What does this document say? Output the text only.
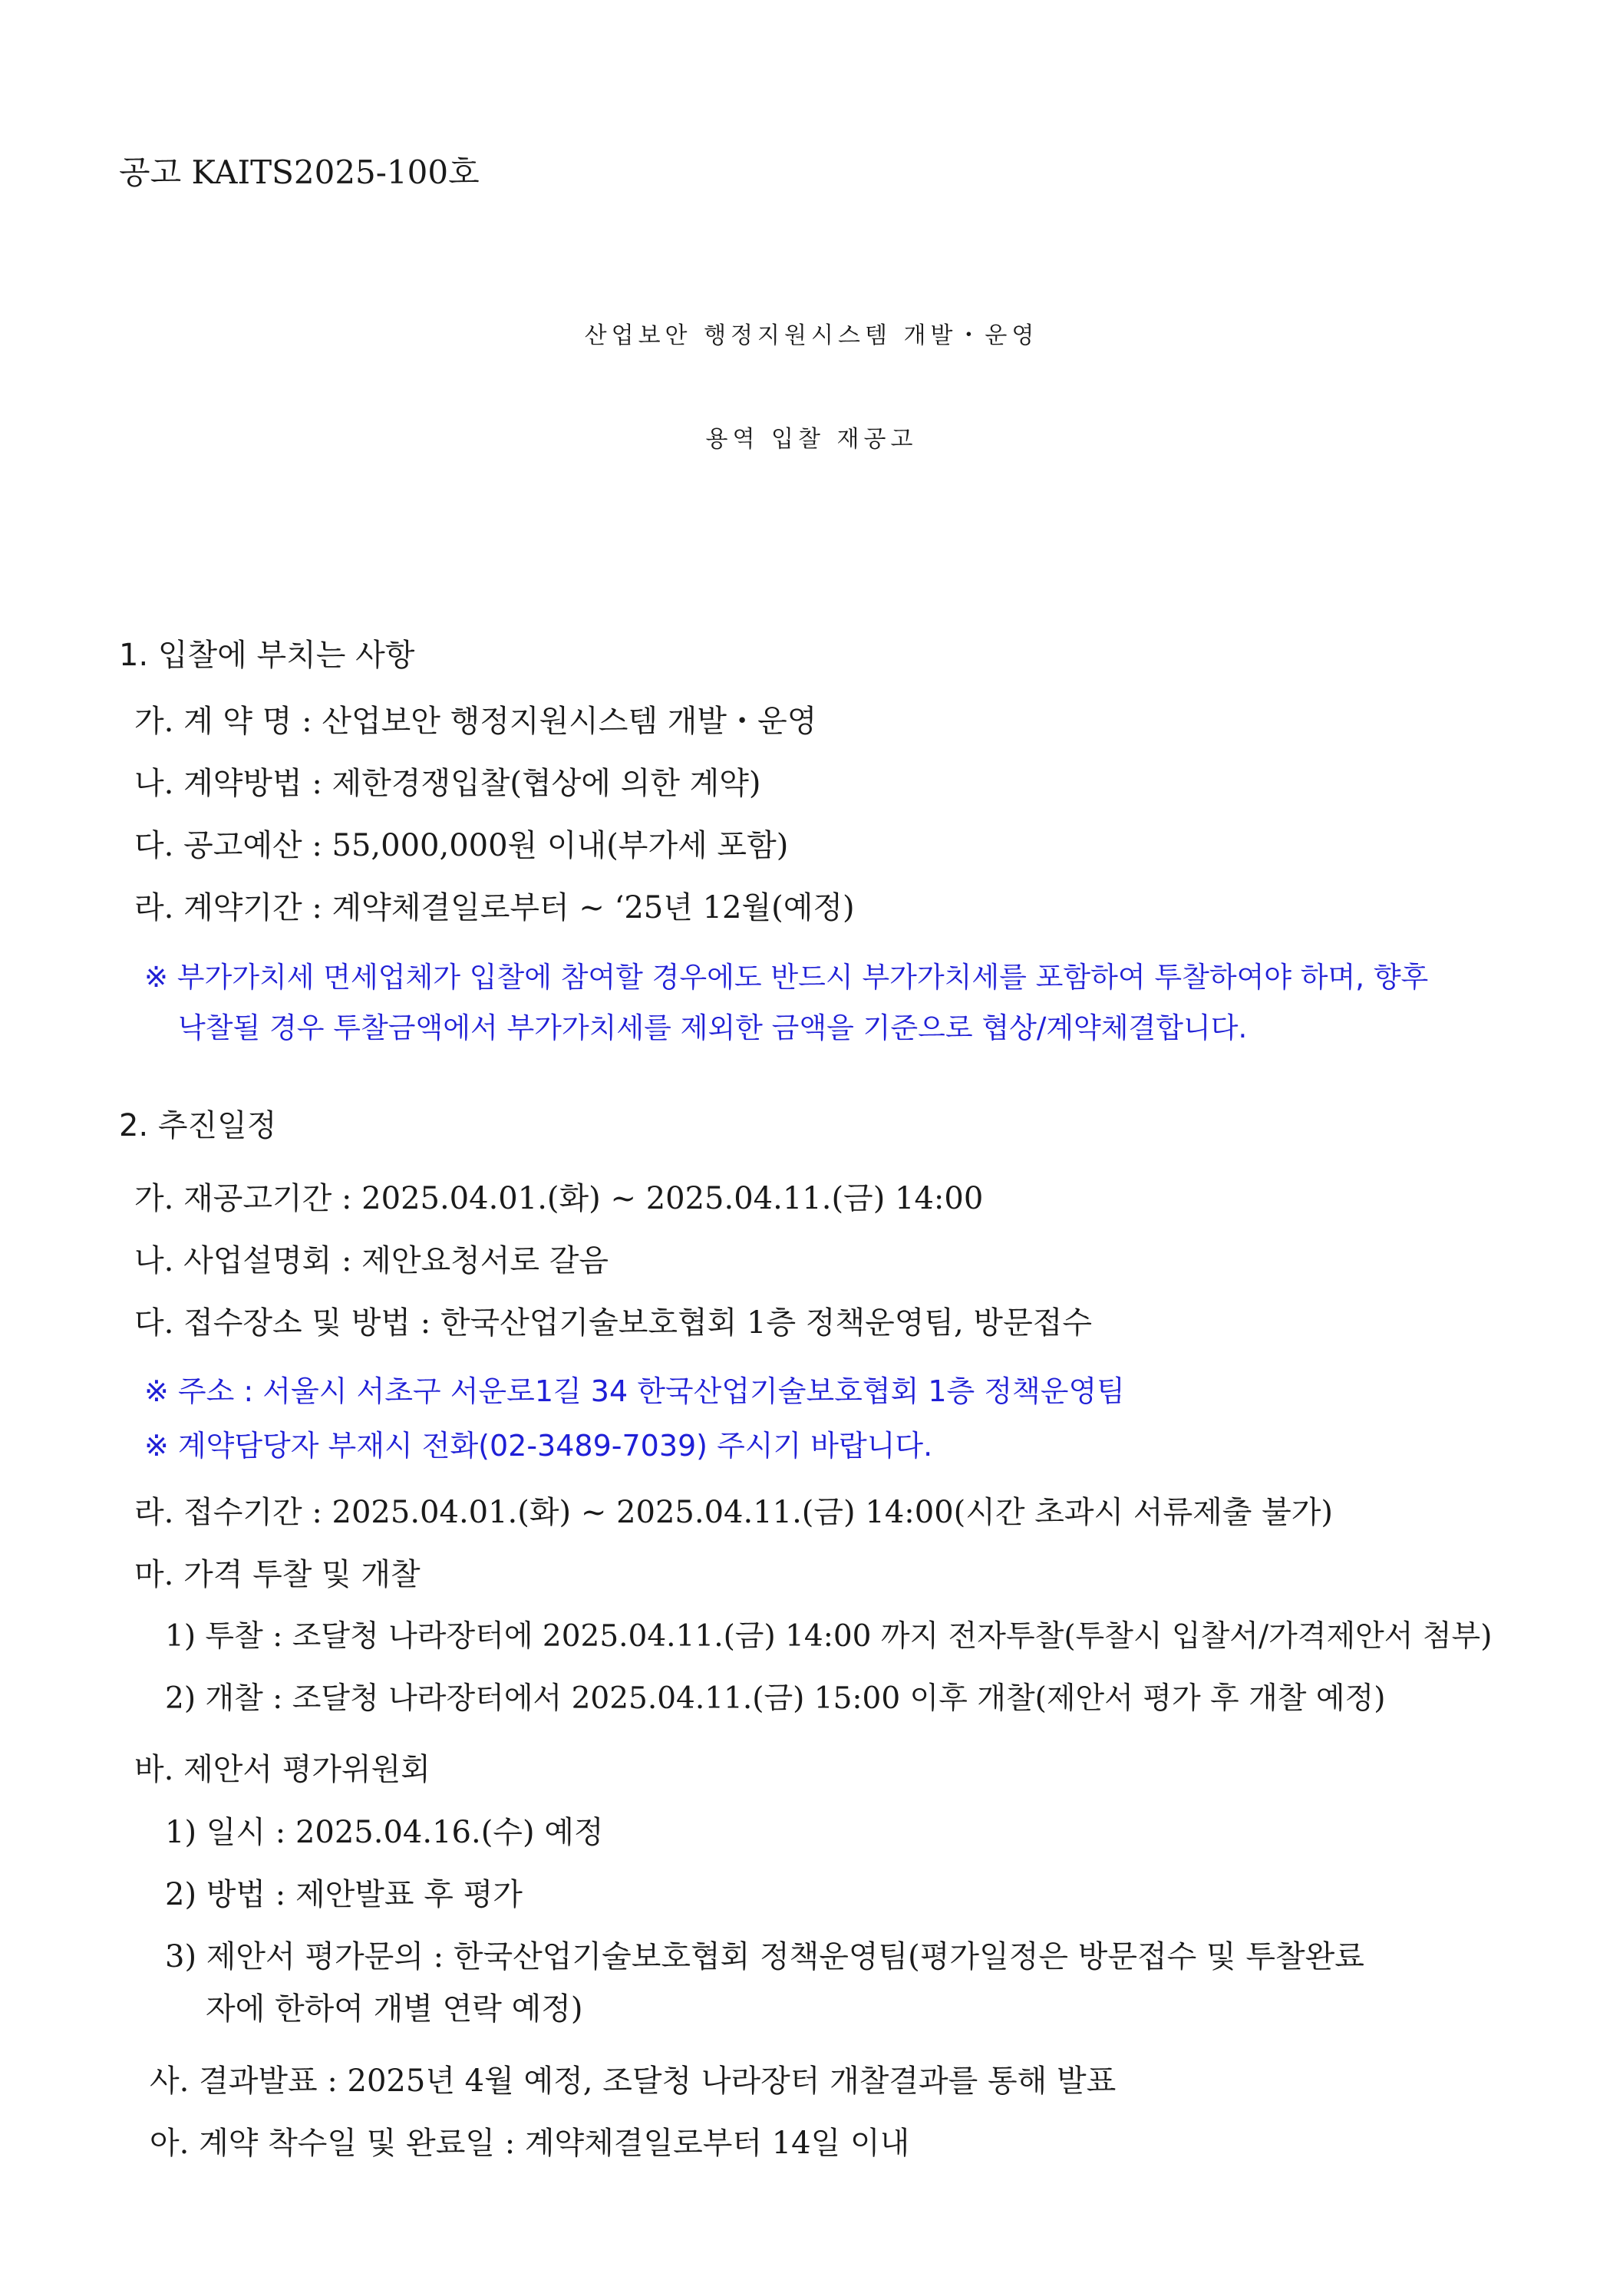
공고 KAITS2025-100호
산업보안 행정지원시스템 개발・운영
용역 입찰 재공고
1. 입찰에 부치는 사항
가. 계 약 명 : 산업보안 행정지원시스템 개발・운영
나. 계약방법 : 제한경쟁입찰(협상에 의한 계약)
다. 공고예산 : 55,000,000원 이내(부가세 포함)
라. 계약기간 : 계약체결일로부터 ~ ‘25년 12월(예정)
※ 부가가치세 면세업체가 입찰에 참여할 경우에도 반드시 부가가치세를 포함하여 투찰하여야 하며, 향후
낙찰될 경우 투찰금액에서 부가가치세를 제외한 금액을 기준으로 협상/계약체결합니다.
2. 추진일정
가. 재공고기간 : 2025.04.01.(화) ~ 2025.04.11.(금) 14:00
나. 사업설명회 : 제안요청서로 갈음
다. 접수장소 및 방법 : 한국산업기술보호협회 1층 정책운영팀, 방문접수
※ 주소 : 서울시 서초구 서운로1길 34 한국산업기술보호협회 1층 정책운영팀
※ 계약담당자 부재시 전화(02-3489-7039) 주시기 바랍니다.
라. 접수기간 : 2025.04.01.(화) ~ 2025.04.11.(금) 14:00(시간 초과시 서류제출 불가)
마. 가격 투찰 및 개찰
1) 투찰 : 조달청 나라장터에 2025.04.11.(금) 14:00 까지 전자투찰(투찰시 입찰서/가격제안서 첨부)
2) 개찰 : 조달청 나라장터에서 2025.04.11.(금) 15:00 이후 개찰(제안서 평가 후 개찰 예정)
바. 제안서 평가위원회
1) 일시 : 2025.04.16.(수) 예정
2) 방법 : 제안발표 후 평가
3) 제안서 평가문의 : 한국산업기술보호협회 정책운영팀(평가일정은 방문접수 및 투찰완료
자에 한하여 개별 연락 예정)
사. 결과발표 : 2025년 4월 예정, 조달청 나라장터 개찰결과를 통해 발표
아. 계약 착수일 및 완료일 : 계약체결일로부터 14일 이내
